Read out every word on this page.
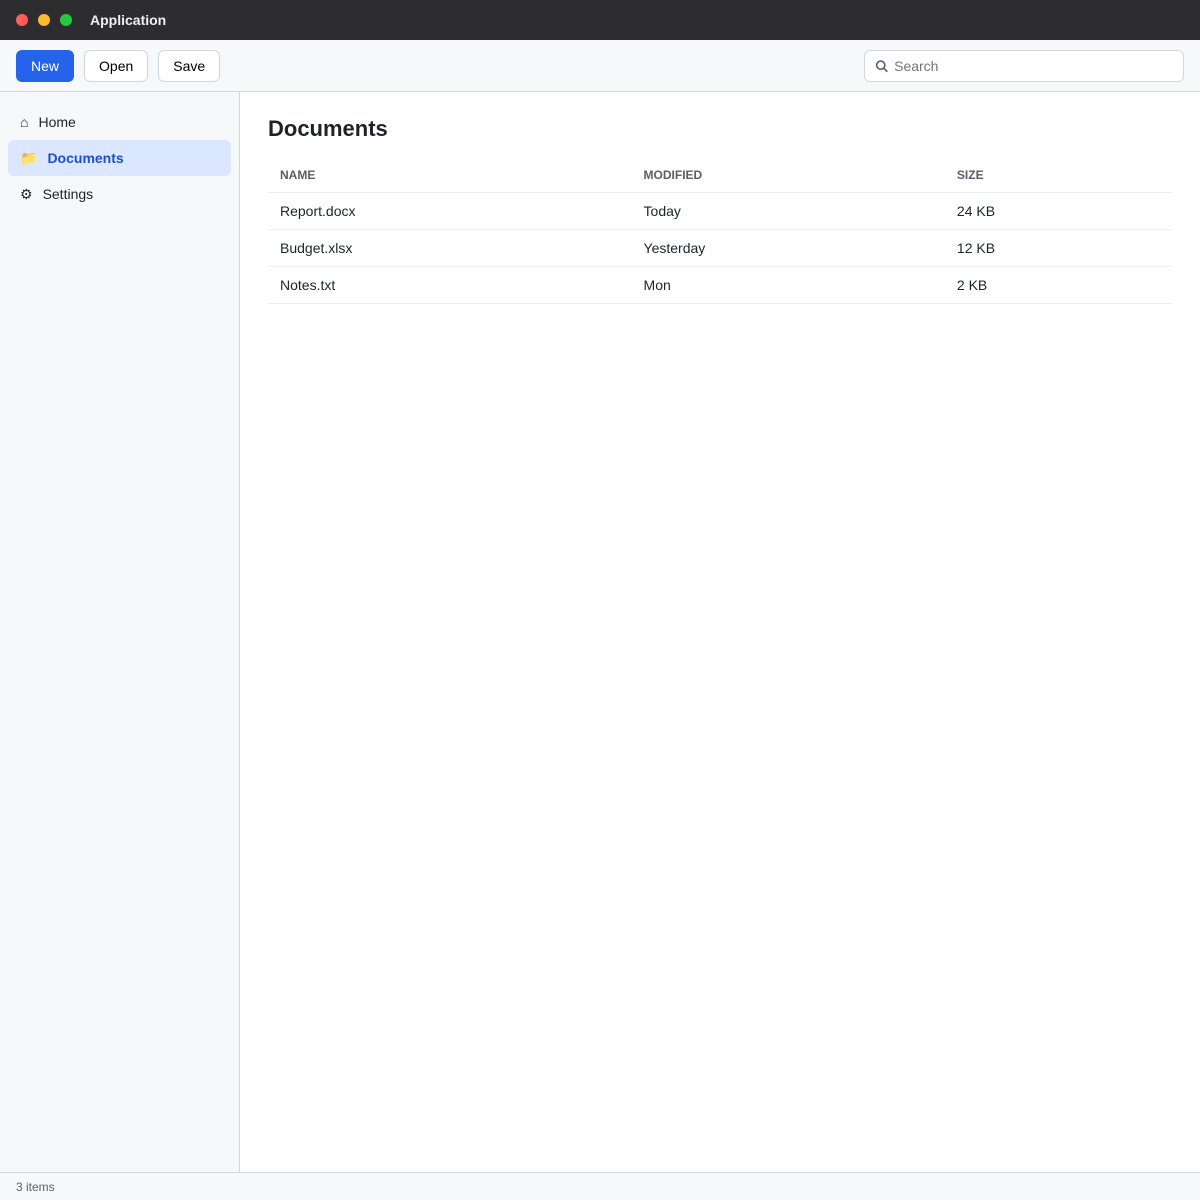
Application
New	Open	Save
Search
⌂ Home
📁 Documents
⚙ Settings
Documents
NAME	MODIFIED	SIZE
Report.docx	Today	24 KB
Budget.xlsx	Yesterday	12 KB
Notes.txt	Mon	2 KB
3 items
